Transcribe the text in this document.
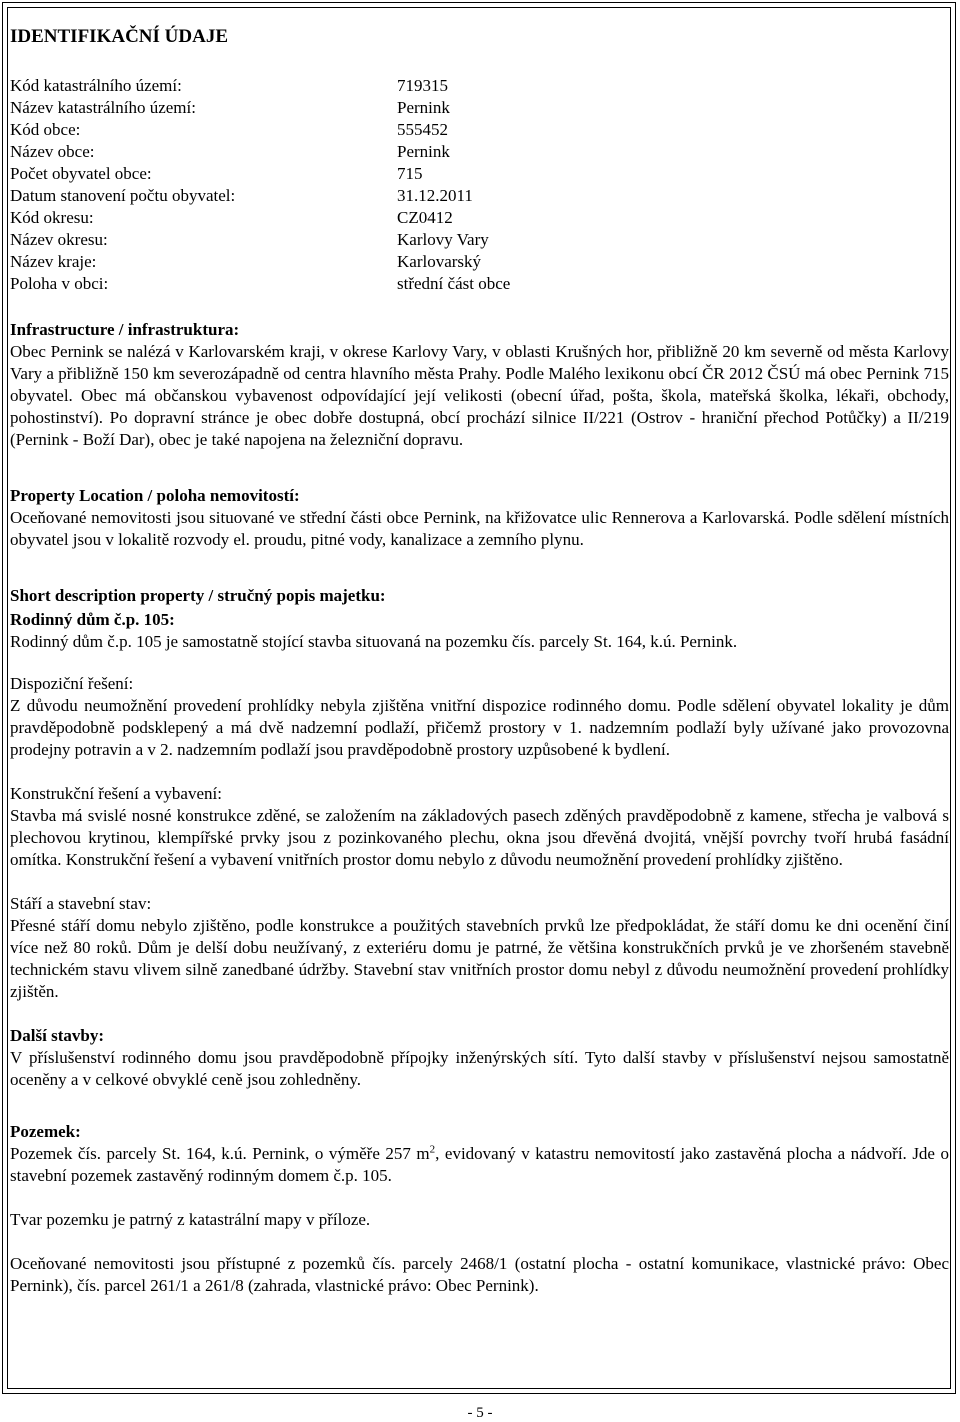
IDENTIFIKAČNÍ ÚDAJE
Kód katastrálního území:	719315
Název katastrálního území:	Pernink
Kód obce:	555452
Název obce:	Pernink
Počet obyvatel obce:	715
Datum stanovení počtu obyvatel:	31.12.2011
Kód okresu:	CZ0412
Název okresu:	Karlovy Vary
Název kraje:	Karlovarský
Poloha v obci:	střední část obce
Infrastructure / infrastruktura:

Obec Pernink se nalézá v Karlovarském kraji, v okrese Karlovy Vary, v oblasti Krušných hor, přibližně 20 km severně od města Karlovy Vary a přibližně 150 km severozápadně od centra hlavního města Prahy. Podle Malého lexikonu obcí ČR 2012 ČSÚ má obec Pernink 715 obyvatel. Obec má občanskou vybavenost odpovídající její velikosti (obecní úřad, pošta, škola, mateřská školka, lékaři, obchody, pohostinství). Po dopravní stránce je obec dobře dostupná, obcí prochází silnice II/221 (Ostrov - hraniční přechod Potůčky) a II/219 (Pernink - Boží Dar), obec je také napojena na železniční dopravu.

Property Location / poloha nemovitostí:

Oceňované nemovitosti jsou situované ve střední části obce Pernink, na křižovatce ulic Rennerova a Karlovarská. Podle sdělení místních obyvatel jsou v lokalitě rozvody el. proudu, pitné vody, kanalizace a zemního plynu.

Short description property / stručný popis majetku:
Rodinný dům č.p. 105:

Rodinný dům č.p. 105 je samostatně stojící stavba situovaná na pozemku čís. parcely St. 164, k.ú. Pernink.

Dispoziční řešení:

Z důvodu neumožnění provedení prohlídky nebyla zjištěna vnitřní dispozice rodinného domu. Podle sdělení obyvatel lokality je dům pravděpodobně podsklepený a má dvě nadzemní podlaží, přičemž prostory v 1. nadzemním podlaží byly užívané jako provozovna prodejny potravin a v 2. nadzemním podlaží jsou pravděpodobně prostory uzpůsobené k bydlení.

Konstrukční řešení a vybavení:

Stavba má svislé nosné konstrukce zděné, se založením na základových pasech zděných pravděpodobně z kamene, střecha je valbová s plechovou krytinou, klempířské prvky jsou z pozinkovaného plechu, okna jsou dřevěná dvojitá, vnější povrchy tvoří hrubá fasádní omítka. Konstrukční řešení a vybavení vnitřních prostor domu nebylo z důvodu neumožnění provedení prohlídky zjištěno.

Stáří a stavební stav:

Přesné stáří domu nebylo zjištěno, podle konstrukce a použitých stavebních prvků lze předpokládat, že stáří domu ke dni ocenění činí více než 80 roků. Dům je delší dobu neužívaný, z exteriéru domu je patrné, že většina konstrukčních prvků je ve zhoršeném stavebně technickém stavu vlivem silně zanedbané údržby. Stavební stav vnitřních prostor domu nebyl z důvodu neumožnění provedení prohlídky zjištěn.

Další stavby:

V příslušenství rodinného domu jsou pravděpodobně přípojky inženýrských sítí. Tyto další stavby v příslušenství nejsou samostatně oceněny a v celkové obvyklé ceně jsou zohledněny.

Pozemek:

Pozemek čís. parcely St. 164, k.ú. Pernink, o výměře 257 $m^2$, evidovaný v katastru nemovitostí jako zastavěná plocha a nádvoří. Jde o stavební pozemek zastavěný rodinným domem č.p. 105.

Tvar pozemku je patrný z katastrální mapy v příloze.

Oceňované nemovitosti jsou přístupné z pozemků čís. parcely 2468/1 (ostatní plocha - ostatní komunikace, vlastnické právo: Obec Pernink), čís. parcel 261/1 a 261/8 (zahrada, vlastnické právo: Obec Pernink).

- 5 -
